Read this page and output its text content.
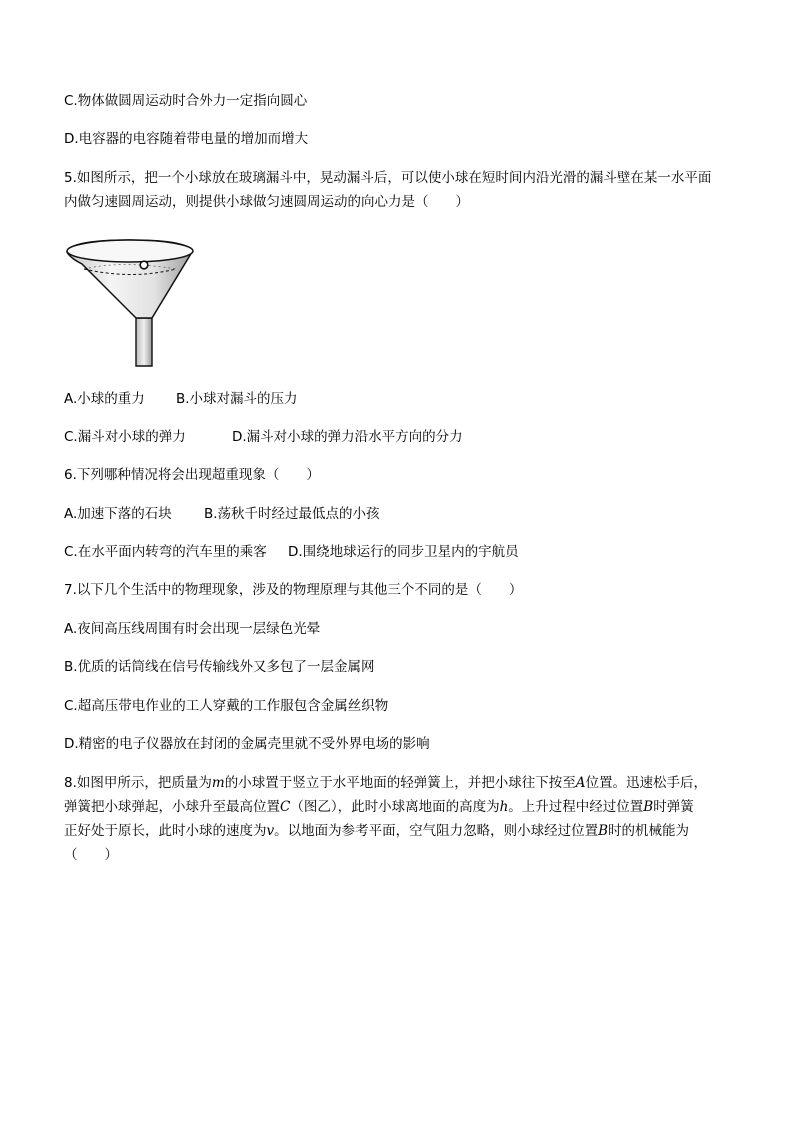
C.物体做圆周运动时合外力一定指向圆心
D.电容器的电容随着带电量的增加而增大
5.如图所示，把一个小球放在玻璃漏斗中，晃动漏斗后，可以使小球在短时间内沿光滑的漏斗壁在某一水平面
内做匀速圆周运动，则提供小球做匀速圆周运动的向心力是（　　）
A.小球的重力 B.小球对漏斗的压力
C.漏斗对小球的弹力	D.漏斗对小球的弹力沿水平方向的分力
6.下列哪种情况将会出现超重现象（　　）
A.加速下落的石块 B.荡秋千时经过最低点的小孩
C.在水平面内转弯的汽车里的乘客 D.围绕地球运行的同步卫星内的宇航员
7.以下几个生活中的物理现象，涉及的物理原理与其他三个不同的是（　　）
A.夜间高压线周围有时会出现一层绿色光晕
B.优质的话筒线在信号传输线外又多包了一层金属网
C.超高压带电作业的工人穿戴的工作服包含金属丝织物
D.精密的电子仪器放在封闭的金属壳里就不受外界电场的影响
8.如图甲所示，把质量为m的小球置于竖立于水平地面的轻弹簧上，并把小球往下按至A位置。迅速松手后，
弹簧把小球弹起，小球升至最高位置C（图乙），此时小球离地面的高度为h。上升过程中经过位置B时弹簧
正好处于原长，此时小球的速度为v。以地面为参考平面，空气阻力忽略，则小球经过位置B时的机械能为
（　　）
